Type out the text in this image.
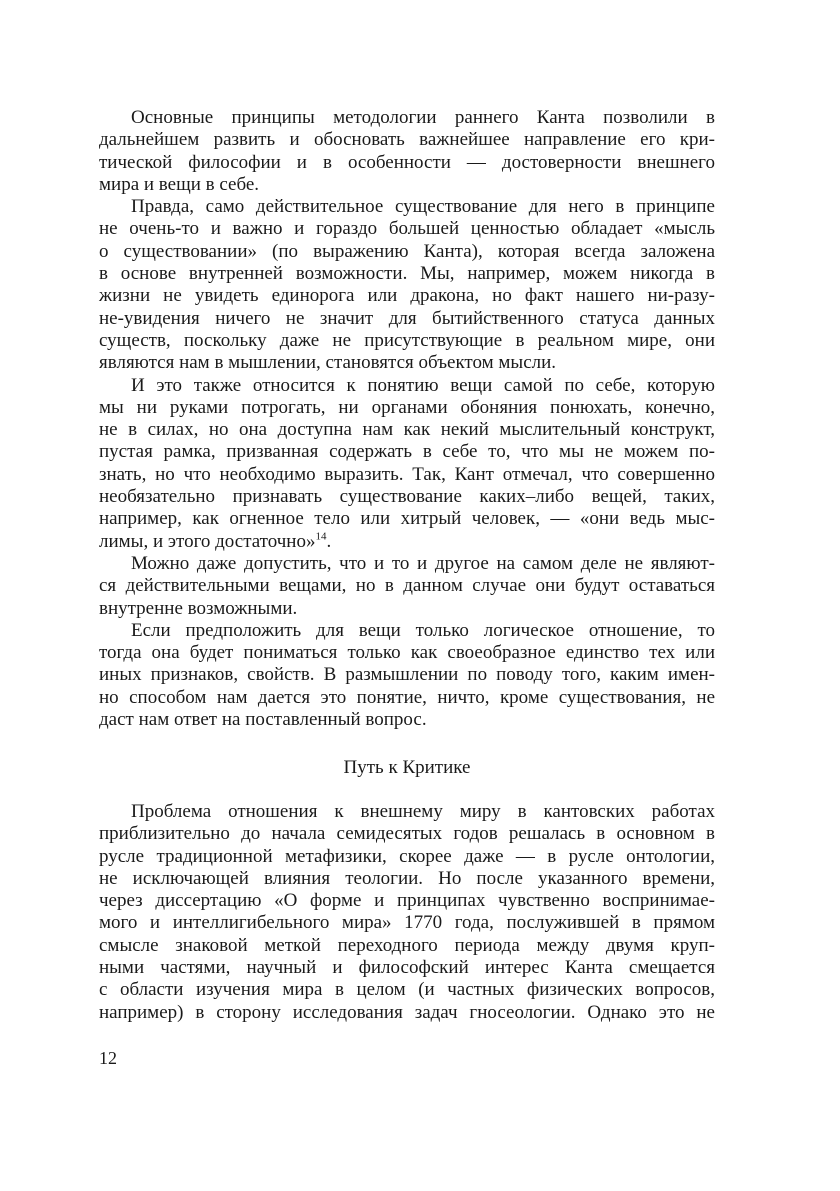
Основные принципы методологии раннего Канта позволили в
дальнейшем развить и обосновать важнейшее направление его кри-
тической философии и в особенности — достоверности внешнего
мира и вещи в себе.
Правда, само действительное существование для него в принципе
не очень-то и важно и гораздо большей ценностью обладает «мысль
о существовании» (по выражению Канта), которая всегда заложена
в основе внутренней возможности. Мы, например, можем никогда в
жизни не увидеть единорога или дракона, но факт нашего ни-разу-
не-увидения ничего не значит для бытийственного статуса данных
существ, поскольку даже не присутствующие в реальном мире, они
являются нам в мышлении, становятся объектом мысли.
И это также относится к понятию вещи самой по себе, которую
мы ни руками потрогать, ни органами обоняния понюхать, конечно,
не в силах, но она доступна нам как некий мыслительный конструкт,
пустая рамка, призванная содержать в себе то, что мы не можем по-
знать, но что необходимо выразить. Так, Кант отмечал, что совершенно
необязательно признавать существование каких–либо вещей, таких,
например, как огненное тело или хитрый человек, — «они ведь мыс-
лимы, и этого достаточно»$^{14}$.
Можно даже допустить, что и то и другое на самом деле не являют-
ся действительными вещами, но в данном случае они будут оставаться
внутренне возможными.
Если предположить для вещи только логическое отношение, то
тогда она будет пониматься только как своеобразное единство тех или
иных признаков, свойств. В размышлении по поводу того, каким имен-
но способом нам дается это понятие, ничто, кроме существования, не
даст нам ответ на поставленный вопрос.
Путь к Критике
Проблема отношения к внешнему миру в кантовских работах
приблизительно до начала семидесятых годов решалась в основном в
русле традиционной метафизики, скорее даже — в русле онтологии,
не исключающей влияния теологии. Но после указанного времени,
через диссертацию «О форме и принципах чувственно воспринимае-
мого и интеллигибельного мира» 1770 года, послужившей в прямом
смысле знаковой меткой переходного периода между двумя круп-
ными частями, научный и философский интерес Канта смещается
с области изучения мира в целом (и частных физических вопросов,
например) в сторону исследования задач гносеологии. Однако это не
12
